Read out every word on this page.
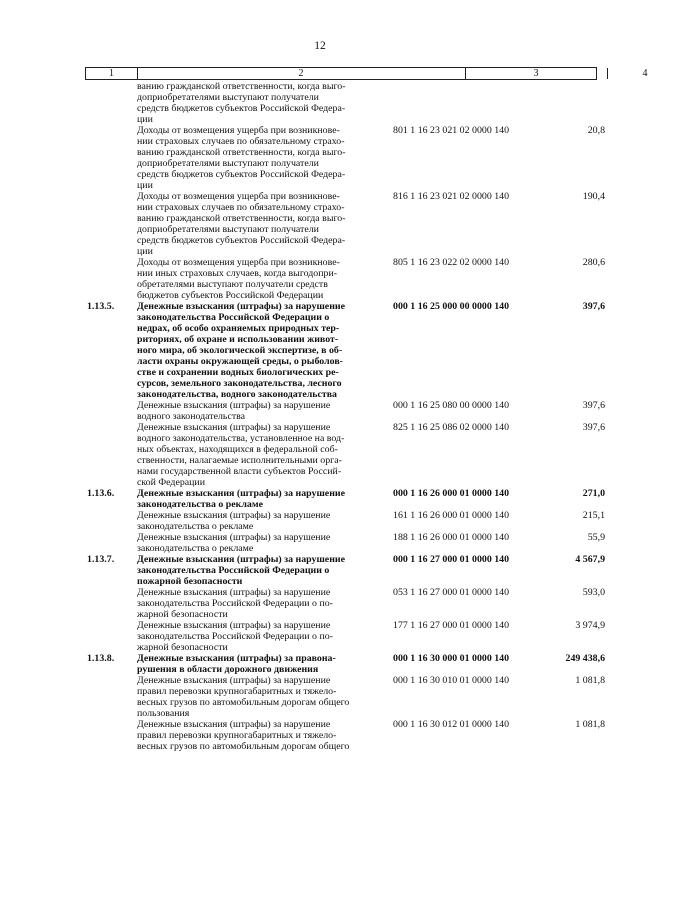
12
1	2	3	4
ванию гражданской ответственности, когда выго-
доприобретателями выступают получатели
средств бюджетов субъектов Российской Федера-
ции
Доходы от возмещения ущерба при возникнове-
нии страховых случаев по обязательному страхо-
ванию гражданской ответственности, когда выго-
доприобретателями выступают получатели
средств бюджетов субъектов Российской Федера-
ции
801 1 16 23 021 02 0000 140	20,8
Доходы от возмещения ущерба при возникнове-
нии страховых случаев по обязательному страхо-
ванию гражданской ответственности, когда выго-
доприобретателями выступают получатели
средств бюджетов субъектов Российской Федера-
ции
816 1 16 23 021 02 0000 140	190,4
Доходы от возмещения ущерба при возникнове-
нии иных страховых случаев, когда выгодопри-
обретателями выступают получатели средств
бюджетов субъектов Российской Федерации
805 1 16 23 022 02 0000 140	280,6
1.13.5.	Денежные взыскания (штрафы) за нарушение
законодательства Российской Федерации о
недрах, об особо охраняемых природных тер-
риториях, об охране и использовании живот-
ного мира, об экологической экспертизе, в об-
ласти охраны окружающей среды, о рыболов-
стве и сохранении водных биологических ре-
сурсов, земельного законодательства, лесного
законодательства, водного законодательства
000 1 16 25 000 00 0000 140	397,6
Денежные взыскания (штрафы) за нарушение
водного законодательства
000 1 16 25 080 00 0000 140	397,6
Денежные взыскания (штрафы) за нарушение
водного законодательства, установленное на вод-
ных объектах, находящихся в федеральной соб-
ственности, налагаемые исполнительными орга-
нами государственной власти субъектов Россий-
ской Федерации
825 1 16 25 086 02 0000 140	397,6
1.13.6.	Денежные взыскания (штрафы) за нарушение
законодательства о рекламе
000 1 16 26 000 01 0000 140	271,0
Денежные взыскания (штрафы) за нарушение
законодательства о рекламе
161 1 16 26 000 01 0000 140	215,1
Денежные взыскания (штрафы) за нарушение
законодательства о рекламе
188 1 16 26 000 01 0000 140	55,9
1.13.7.	Денежные взыскания (штрафы) за нарушение
законодательства Российской Федерации о
пожарной безопасности
000 1 16 27 000 01 0000 140	4 567,9
Денежные взыскания (штрафы) за нарушение
законодательства Российской Федерации о по-
жарной безопасности
053 1 16 27 000 01 0000 140	593,0
Денежные взыскания (штрафы) за нарушение
законодательства Российской Федерации о по-
жарной безопасности
177 1 16 27 000 01 0000 140	3 974,9
1.13.8.	Денежные взыскания (штрафы) за правона-
рушения в области дорожного движения
000 1 16 30 000 01 0000 140	249 438,6
Денежные взыскания (штрафы) за нарушение
правил перевозки крупногабаритных и тяжело-
весных грузов по автомобильным дорогам общего
пользования
000 1 16 30 010 01 0000 140	1 081,8
Денежные взыскания (штрафы) за нарушение
правил перевозки крупногабаритных и тяжело-
весных грузов по автомобильным дорогам общего
000 1 16 30 012 01 0000 140	1 081,8
